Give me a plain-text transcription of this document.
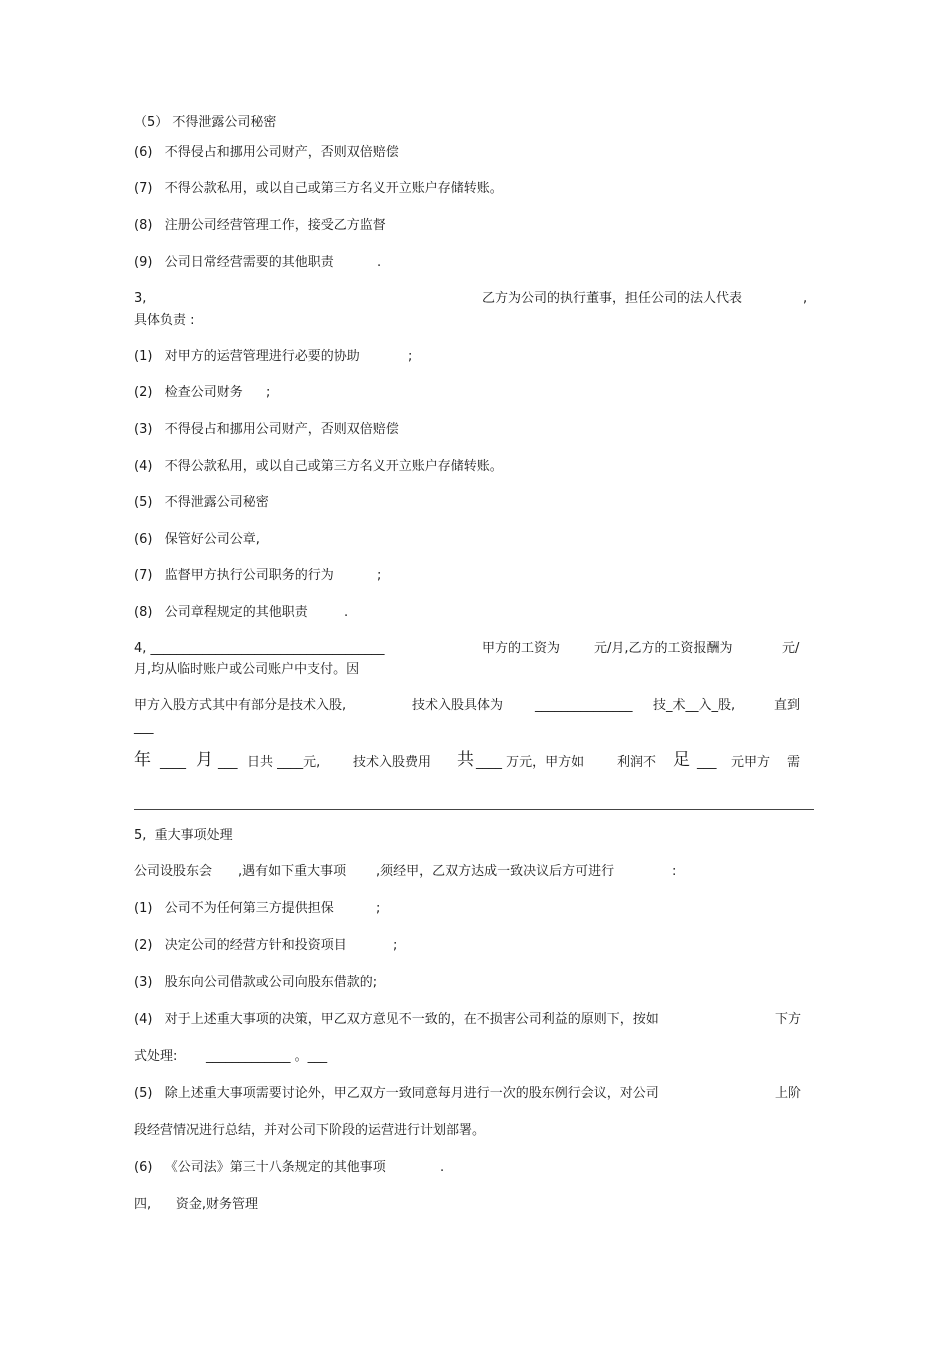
（5） 不得泄露公司秘密
(6)   不得侵占和挪用公司财产，否则双倍赔偿
(7)   不得公款私用，或以自己或第三方名义开立账户存储转账。
(8)   注册公司经营管理工作，接受乙方监督
(9)   公司日常经营需要的其他职责	.
3,	乙方为公司的执行董事，担任公司的法人代表	,
具体负责 :
(1)   对甲方的运营管理进行必要的协助	;
(2)   检查公司财务 ;
(3)   不得侵占和挪用公司财产，否则双倍赔偿
(4)   不得公款私用，或以自己或第三方名义开立账户存储转账。
(5)   不得泄露公司秘密
(6)   保管好公司公章,
(7)   监督甲方执行公司职务的行为	;
(8)   公司章程规定的其他职责	.
4, ____________________________________	甲方的工资为	元/月,乙方的工资报酬为	元/
月,均从临时账户或公司账户中支付。因
甲方入股方式其中有部分是技术入股,	技术入股具体为 _______________ 技_术__入_股,	直到
___
年 ____ 月 ___ 日共 ____元,	技术入股费用 共 ____ 万元，甲方如	利润不 足 ___ 元甲方 需
5,  重大事项处理
公司设股东会 ,遇有如下重大事项 ,须经甲，乙双方达成一致决议后方可进行	:
(1)   公司不为任何第三方提供担保	;
(2)   决定公司的经营方针和投资项目	;
(3)   股东向公司借款或公司向股东借款的;
(4)   对于上述重大事项的决策，甲乙双方意见不一致的，在不损害公司利益的原则下，按如	下方
式处理: _____________ 。___
(5)   除上述重大事项需要讨论外，甲乙双方一致同意每月进行一次的股东例行会议，对公司	上阶
段经营情况进行总结，并对公司下阶段的运营进行计划部署。
(6)   《公司法》第三十八条规定的其他事项	.
四,      资金,财务管理
